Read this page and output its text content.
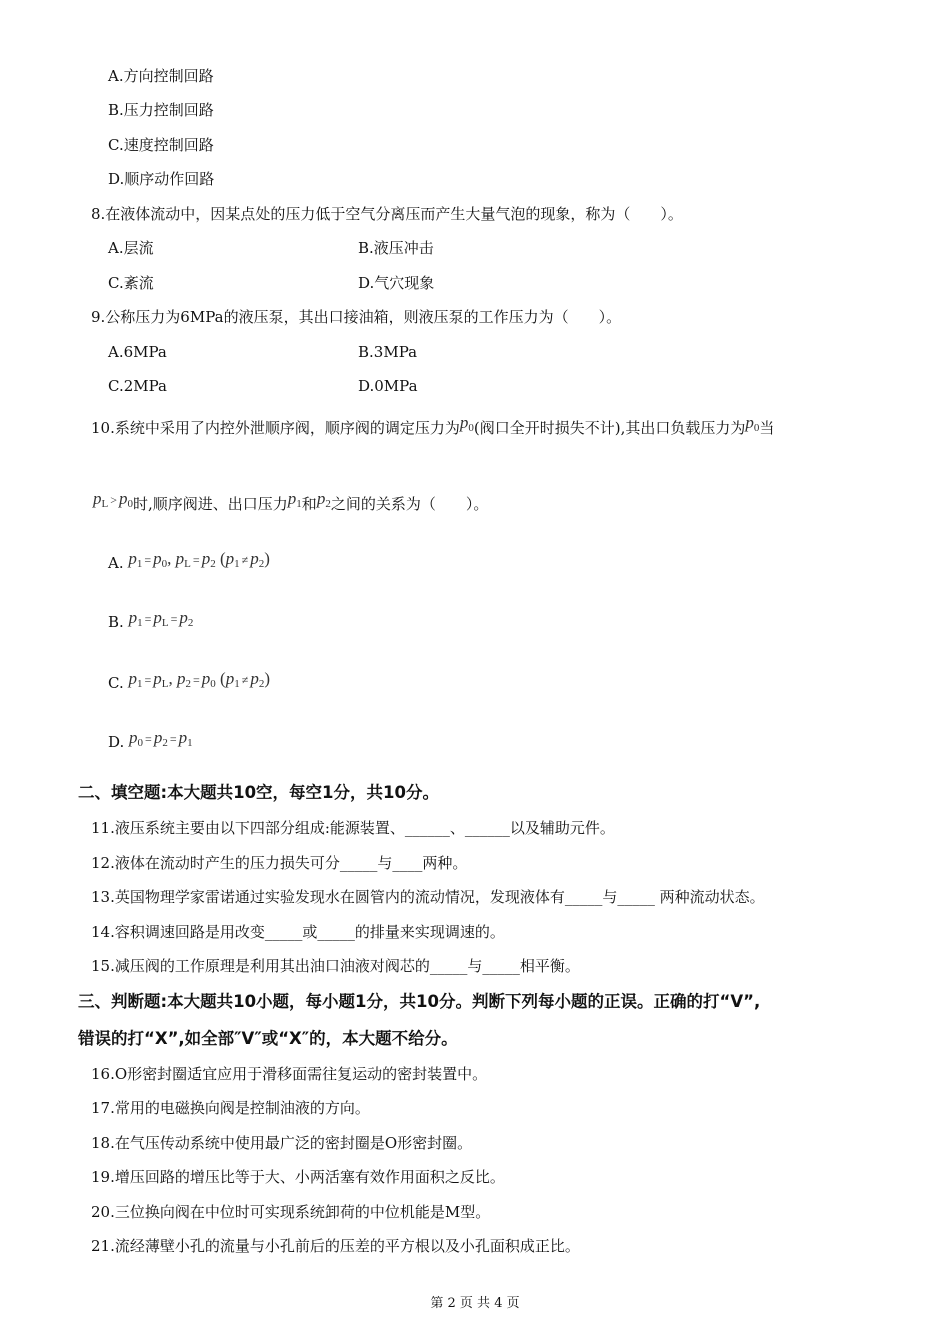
A.方向控制回路
B.压力控制回路
C.速度控制回路
D.顺序动作回路
8.在液体流动中，因某点处的压力低于空气分离压而产生大量气泡的现象，称为（　　）。
A.层流	B.液压冲击
C.紊流	D.气穴现象
9.公称压力为6MPa的液压泵，其出口接油箱，则液压泵的工作压力为（　　）。
A.6MPa	B.3MPa
C.2MPa	D.0MPa
10.系统中采用了内控外泄顺序阀，顺序阀的调定压力为$p_0$(阀口全开时损失不计),其出口负载压力为$p_0$当
$p_L > p_0$时,顺序阀进、出口压力$p_1$和$p_2$之间的关系为（　　）。
A. $p_1 = p_0$, $p_L = p_2$ $(p_1 \ne p_2)$
B. $p_1 = p_L = p_2$
C. $p_1 = p_L$, $p_2 = p_0$ $(p_1 \ne p_2)$
D. $p_0 = p_2 = p_1$
二、填空题:本大题共10空，每空1分，共10分。
11.液压系统主要由以下四部分组成:能源装置、______、______以及辅助元件。
12.液体在流动时产生的压力损失可分_____与____两种。
13.英国物理学家雷诺通过实验发现水在圆管内的流动情况，发现液体有_____与_____ 两种流动状态。
14.容积调速回路是用改变_____或_____的排量来实现调速的。
15.减压阀的工作原理是利用其出油口油液对阀芯的_____与_____相平衡。
三、判断题:本大题共10小题，每小题1分，共10分。判断下列每小题的正误。正确的打“V”,
错误的打“X”,如全部″V″或“X″的，本大题不给分。
16.O形密封圈适宜应用于滑移面需往复运动的密封装置中。
17.常用的电磁换向阀是控制油液的方向。
18.在气压传动系统中使用最广泛的密封圈是O形密封圈。
19.增压回路的增压比等于大、小两活塞有效作用面积之反比。
20.三位换向阀在中位时可实现系统卸荷的中位机能是M型。
21.流经薄壁小孔的流量与小孔前后的压差的平方根以及小孔面积成正比。
第 2 页 共 4 页
